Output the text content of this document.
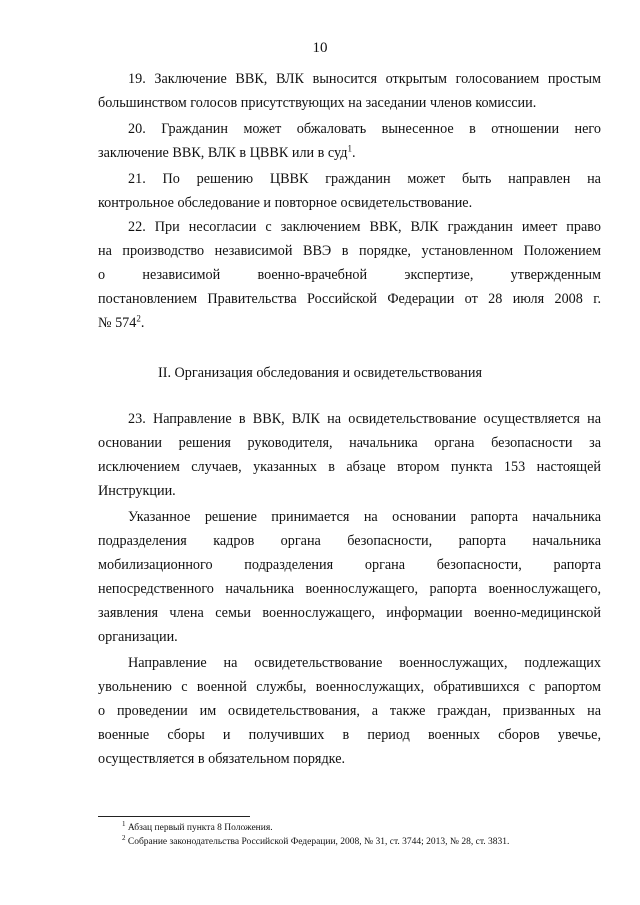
10
19. Заключение ВВК, ВЛК выносится открытым голосованием простым
большинством голосов присутствующих на заседании членов комиссии.
20. Гражданин может обжаловать вынесенное в отношении него
заключение ВВК, ВЛК в ЦВВК или в суд$^1$.
21. По решению ЦВВК гражданин может быть направлен на
контрольное обследование и повторное освидетельствование.
22. При несогласии с заключением ВВК, ВЛК гражданин имеет право
на производство независимой ВВЭ в порядке, установленном Положением
о независимой военно-врачебной экспертизе, утвержденным
постановлением Правительства Российской Федерации от 28 июля 2008 г.
№ $574^2$.
II. Организация обследования и освидетельствования
23. Направление в ВВК, ВЛК на освидетельствование осуществляется на
основании решения руководителя, начальника органа безопасности за
исключением случаев, указанных в абзаце втором пункта 153 настоящей
Инструкции.
Указанное решение принимается на основании рапорта начальника
подразделения кадров органа безопасности, рапорта начальника
мобилизационного подразделения органа безопасности, рапорта
непосредственного начальника военнослужащего, рапорта военнослужащего,
заявления члена семьи военнослужащего, информации военно-медицинской
организации.
Направление на освидетельствование военнослужащих, подлежащих
увольнению с военной службы, военнослужащих, обратившихся с рапортом
о проведении им освидетельствования, а также граждан, призванных на
военные сборы и получивших в период военных сборов увечье,
осуществляется в обязательном порядке.
$^1$ Абзац первый пункта 8 Положения.
$^2$ Собрание законодательства Российской Федерации, 2008, № 31, ст. 3744; 2013, № 28, ст. 3831.
